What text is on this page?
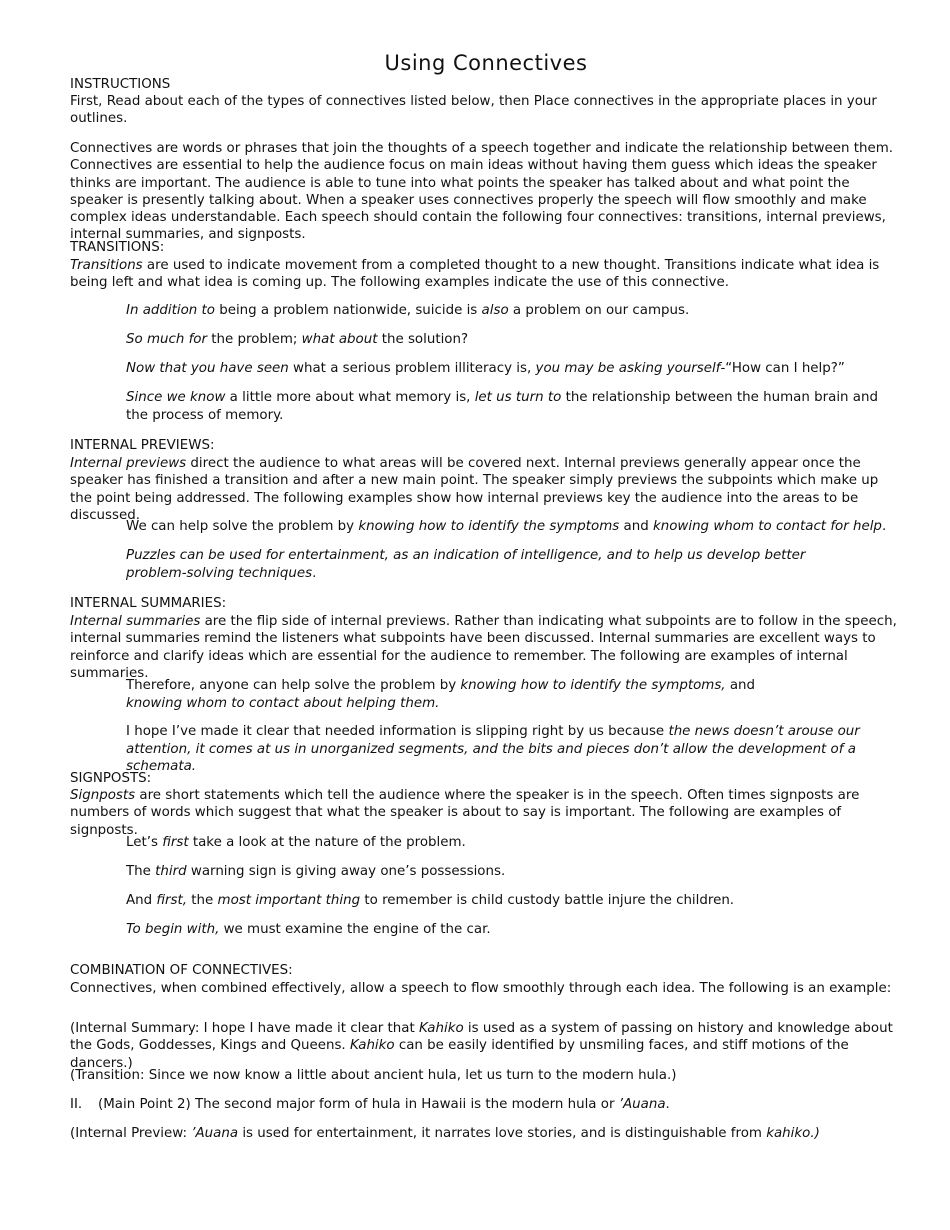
Using Connectives
INSTRUCTIONS
First, Read about each of the types of connectives listed below, then Place connectives in the appropriate places in your outlines.
Connectives are words or phrases that join the thoughts of a speech together and indicate the relationship between them. Connectives are essential to help the audience focus on main ideas without having them guess which ideas the speaker thinks are important. The audience is able to tune into what points the speaker has talked about and what point the speaker is presently talking about. When a speaker uses connectives properly the speech will flow smoothly and make complex ideas understandable. Each speech should contain the following four connectives: transitions, internal previews, internal summaries, and signposts.
TRANSITIONS:
Transitions are used to indicate movement from a completed thought to a new thought. Transitions indicate what idea is being left and what idea is coming up. The following examples indicate the use of this connective.
In addition to being a problem nationwide, suicide is also a problem on our campus.
So much for the problem; what about the solution?
Now that you have seen what a serious problem illiteracy is, you may be asking yourself-“How can I help?”
Since we know a little more about what memory is, let us turn to the relationship between the human brain and the process of memory.
INTERNAL PREVIEWS:
Internal previews direct the audience to what areas will be covered next. Internal previews generally appear once the speaker has finished a transition and after a new main point. The speaker simply previews the subpoints which make up the point being addressed. The following examples show how internal previews key the audience into the areas to be discussed.
We can help solve the problem by knowing how to identify the symptoms and knowing whom to contact for help.
Puzzles can be used for entertainment, as an indication of intelligence, and to help us develop better problem-solving techniques.
INTERNAL SUMMARIES:
Internal summaries are the flip side of internal previews. Rather than indicating what subpoints are to follow in the speech, internal summaries remind the listeners what subpoints have been discussed. Internal summaries are excellent ways to reinforce and clarify ideas which are essential for the audience to remember. The following are examples of internal summaries.
Therefore, anyone can help solve the problem by knowing how to identify the symptoms, and knowing whom to contact about helping them.
I hope I’ve made it clear that needed information is slipping right by us because the news doesn’t arouse our attention, it comes at us in unorganized segments, and the bits and pieces don’t allow the development of a schemata.
SIGNPOSTS:
Signposts are short statements which tell the audience where the speaker is in the speech. Often times signposts are numbers of words which suggest that what the speaker is about to say is important. The following are examples of signposts.
Let’s first take a look at the nature of the problem.
The third warning sign is giving away one’s possessions.
And first, the most important thing to remember is child custody battle injure the children.
To begin with, we must examine the engine of the car.
COMBINATION OF CONNECTIVES:
Connectives, when combined effectively, allow a speech to flow smoothly through each idea. The following is an example:
(Internal Summary: I hope I have made it clear that Kahiko is used as a system of passing on history and knowledge about the Gods, Goddesses, Kings and Queens. Kahiko can be easily identified by unsmiling faces, and stiff motions of the dancers.)
(Transition: Since we now know a little about ancient hula, let us turn to the modern hula.)
II. (Main Point 2) The second major form of hula in Hawaii is the modern hula or ’Auana.
(Internal Preview: ’Auana is used for entertainment, it narrates love stories, and is distinguishable from kahiko.)
